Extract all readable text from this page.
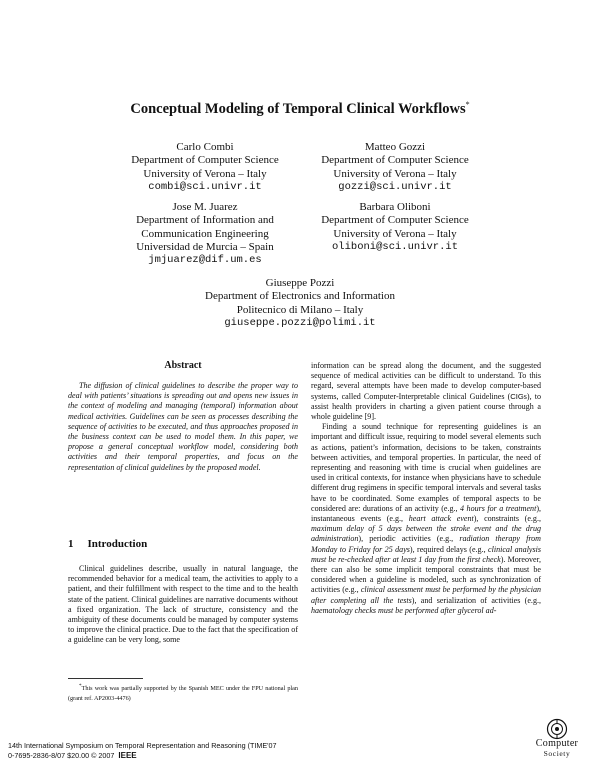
Conceptual Modeling of Temporal Clinical Workflows*
Carlo Combi
Department of Computer Science
University of Verona – Italy
combi@sci.univr.it
Matteo Gozzi
Department of Computer Science
University of Verona – Italy
gozzi@sci.univr.it
Jose M. Juarez
Department of Information and
Communication Engineering
Universidad de Murcia – Spain
jmjuarez@dif.um.es
Barbara Oliboni
Department of Computer Science
University of Verona – Italy
oliboni@sci.univr.it
Giuseppe Pozzi
Department of Electronics and Information
Politecnico di Milano – Italy
giuseppe.pozzi@polimi.it
Abstract

The diffusion of clinical guidelines to describe the proper way to deal with patients’ situations is spreading out and opens new issues in the context of modeling and managing (temporal) information about medical activities. Guidelines can be seen as processes describing the sequence of activities to be executed, and thus approaches proposed in the business context can be used to model them. In this paper, we propose a general conceptual workflow model, considering both activities and their temporal properties, and focus on the representation of clinical guidelines by the proposed model.

1 Introduction

Clinical guidelines describe, usually in natural language, the recommended behavior for a medical team, the activities to apply to a patient, and their fulfillment with respect to the time and to the health state of the patient. Clinical guidelines are narrative documents without a fixed organization. The lack of structure, consistency and the ambiguity of these documents could be managed by computer systems to improve the clinical practice. Due to the fact that the specification of a guideline can be very long, some

*This work was partially supported by the Spanish MEC under the FPU national plan (grant ref. AP2003-4476)

information can be spread along the document, and the suggested sequence of medical activities can be difficult to understand. To this regard, several attempts have been made to develop computer-based systems, called Computer-Interpretable clinical Guidelines (CIGs), to assist health providers in charting a given patient course through a whole guideline [9].

Finding a sound technique for representing guidelines is an important and difficult issue, requiring to model several elements such as actions, patient’s information, decisions to be taken, constraints between activities, and temporal properties. In particular, the need of representing and reasoning with time is crucial when guidelines are used in critical contexts, for instance when physicians have to schedule different drug regimens in specific temporal intervals and several tasks have to be coordinated. Some examples of temporal aspects to be considered are: durations of an activity (e.g., 4 hours for a treatment), instantaneous events (e.g., heart attack event), constraints (e.g., maximum delay of 5 days between the stroke event and the drug administration), periodic activities (e.g., radiation therapy from Monday to Friday for 25 days), required delays (e.g., clinical analysis must be re-checked after at least 1 day from the first check). Moreover, there can also be some implicit temporal constraints that must be considered when a guideline is modeled, such as synchronization of activities (e.g., clinical assessment must be performed by the physician after completing all the tests), and serialization of activities (e.g., haematology checks must be performed after glycerol ad-

14th International Symposium on Temporal Representation and Reasoning (TIME'07
0-7695-2836-8/07 $20.00 © 2007 IEEE
Computer
Society
